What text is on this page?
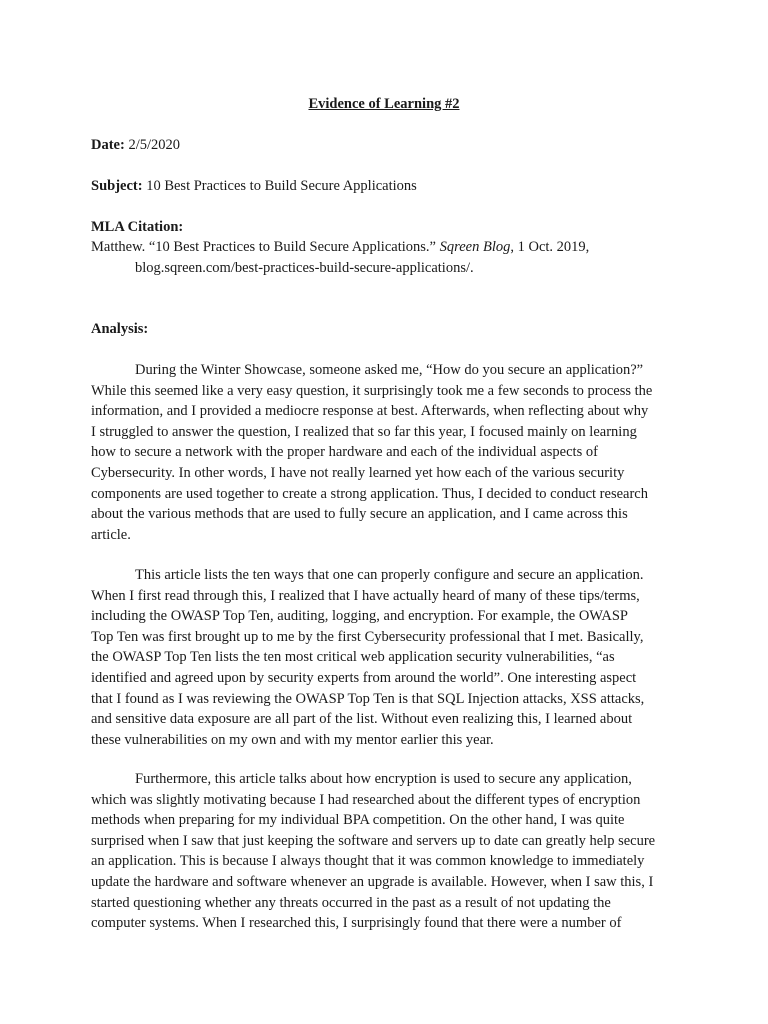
Evidence of Learning #2
Date: 2/5/2020
Subject: 10 Best Practices to Build Secure Applications
MLA Citation:
Matthew. “10 Best Practices to Build Secure Applications.” Sqreen Blog, 1 Oct. 2019,
blog.sqreen.com/best-practices-build-secure-applications/.
Analysis:
During the Winter Showcase, someone asked me, “How do you secure an application?”
While this seemed like a very easy question, it surprisingly took me a few seconds to process the
information, and I provided a mediocre response at best. Afterwards, when reflecting about why
I struggled to answer the question, I realized that so far this year, I focused mainly on learning
how to secure a network with the proper hardware and each of the individual aspects of
Cybersecurity. In other words, I have not really learned yet how each of the various security
components are used together to create a strong application. Thus, I decided to conduct research
about the various methods that are used to fully secure an application, and I came across this
article.
This article lists the ten ways that one can properly configure and secure an application.
When I first read through this, I realized that I have actually heard of many of these tips/terms,
including the OWASP Top Ten, auditing, logging, and encryption. For example, the OWASP
Top Ten was first brought up to me by the first Cybersecurity professional that I met. Basically,
the OWASP Top Ten lists the ten most critical web application security vulnerabilities, “as
identified and agreed upon by security experts from around the world”. One interesting aspect
that I found as I was reviewing the OWASP Top Ten is that SQL Injection attacks, XSS attacks,
and sensitive data exposure are all part of the list. Without even realizing this, I learned about
these vulnerabilities on my own and with my mentor earlier this year.
Furthermore, this article talks about how encryption is used to secure any application,
which was slightly motivating because I had researched about the different types of encryption
methods when preparing for my individual BPA competition. On the other hand, I was quite
surprised when I saw that just keeping the software and servers up to date can greatly help secure
an application. This is because I always thought that it was common knowledge to immediately
update the hardware and software whenever an upgrade is available. However, when I saw this, I
started questioning whether any threats occurred in the past as a result of not updating the
computer systems. When I researched this, I surprisingly found that there were a number of
